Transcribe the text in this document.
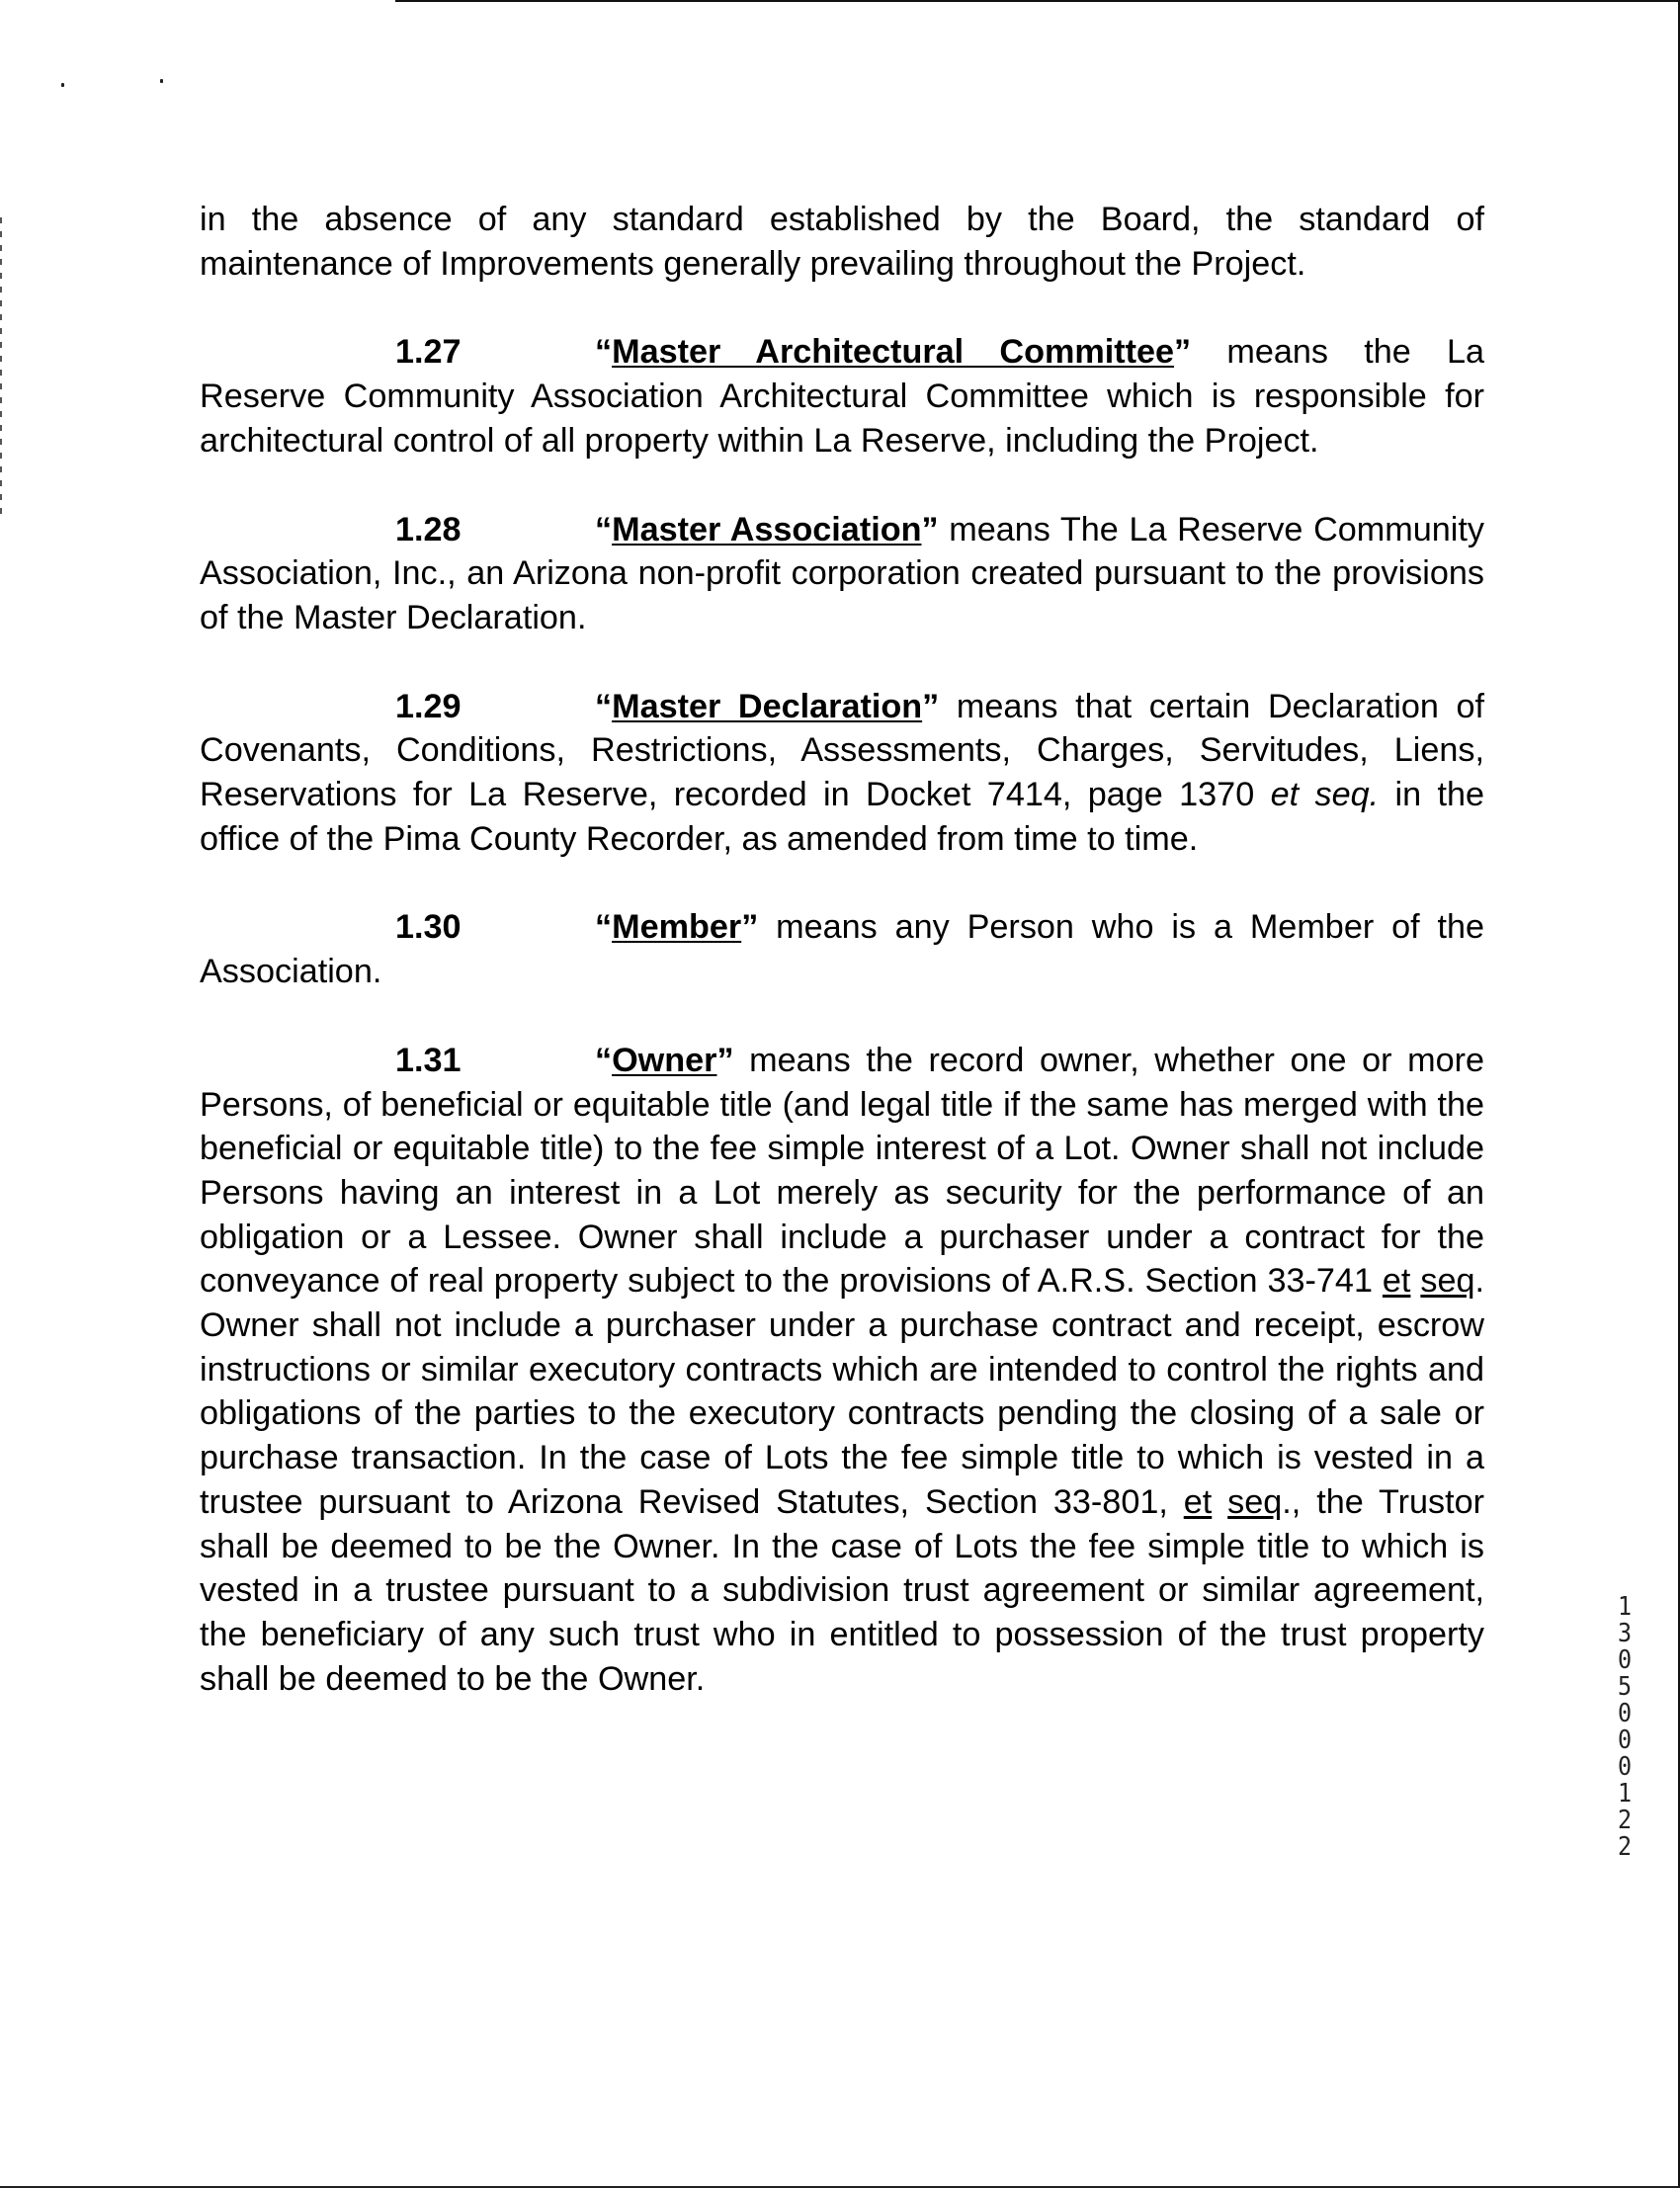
in the absence of any standard established by the Board, the standard of maintenance of Improvements generally prevailing throughout the Project.

1.27	“Master Architectural Committee” means the La Reserve Community Association Architectural Committee which is responsible for architectural control of all property within La Reserve, including the Project.

1.28	“Master Association” means The La Reserve Community Association, Inc., an Arizona non-profit corporation created pursuant to the provisions of the Master Declaration.

1.29	“Master Declaration” means that certain Declaration of Covenants, Conditions, Restrictions, Assessments, Charges, Servitudes, Liens, Reservations for La Reserve, recorded in Docket 7414, page 1370 et seq. in the office of the Pima County Recorder, as amended from time to time.

1.30	“Member” means any Person who is a Member of the Association.

1.31	“Owner” means the record owner, whether one or more Persons, of beneficial or equitable title (and legal title if the same has merged with the beneficial or equitable title) to the fee simple interest of a Lot. Owner shall not include Persons having an interest in a Lot merely as security for the performance of an obligation or a Lessee. Owner shall include a purchaser under a contract for the conveyance of real property subject to the provisions of A.R.S. Section 33-741 et seq. Owner shall not include a purchaser under a purchase contract and receipt, escrow instructions or similar executory contracts which are intended to control the rights and obligations of the parties to the executory contracts pending the closing of a sale or purchase transaction. In the case of Lots the fee simple title to which is vested in a trustee pursuant to Arizona Revised Statutes, Section 33-801, et seq., the Trustor shall be deemed to be the Owner. In the case of Lots the fee simple title to which is vested in a trustee pursuant to a subdivision trust agreement or similar agreement, the beneficiary of any such trust who in entitled to possession of the trust property shall be deemed to be the Owner.

13050 00122
